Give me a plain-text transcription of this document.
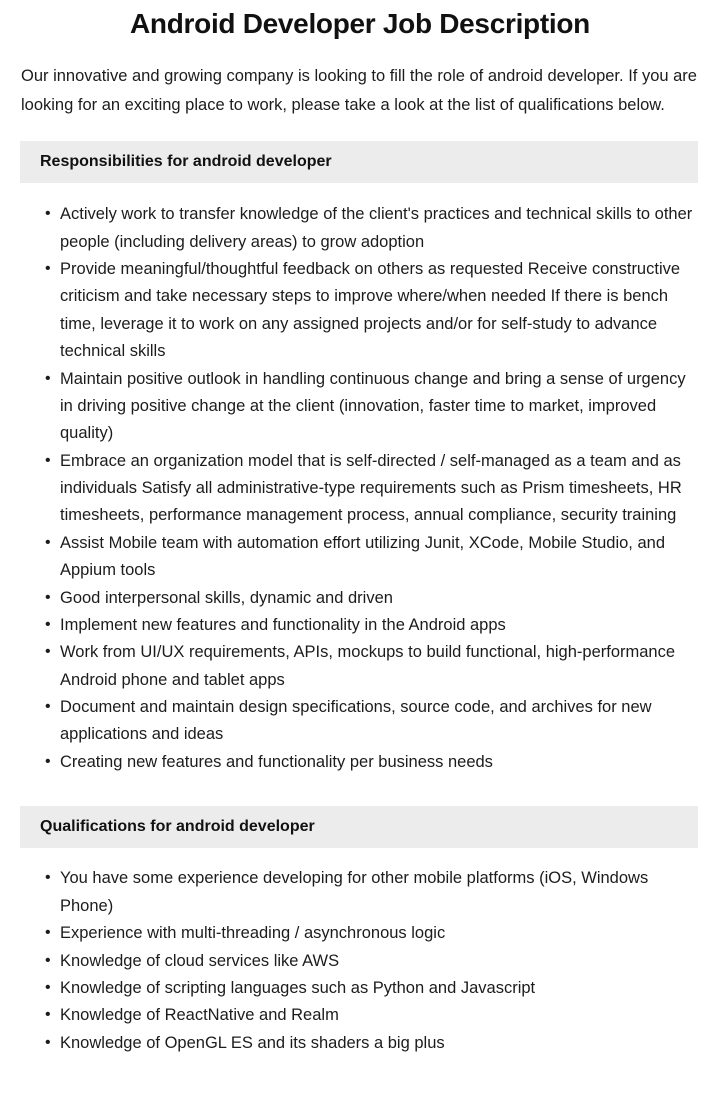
Android Developer Job Description

Our innovative and growing company is looking to fill the role of android developer. If you are looking for an exciting place to work, please take a look at the list of qualifications below.

Responsibilities for android developer
• Actively work to transfer knowledge of the client's practices and technical skills to other people (including delivery areas) to grow adoption
• Provide meaningful/thoughtful feedback on others as requested Receive constructive criticism and take necessary steps to improve where/when needed If there is bench time, leverage it to work on any assigned projects and/or for self-study to advance technical skills
• Maintain positive outlook in handling continuous change and bring a sense of urgency in driving positive change at the client (innovation, faster time to market, improved quality)
• Embrace an organization model that is self-directed / self-managed as a team and as individuals Satisfy all administrative-type requirements such as Prism timesheets, HR timesheets, performance management process, annual compliance, security training
• Assist Mobile team with automation effort utilizing Junit, XCode, Mobile Studio, and Appium tools
• Good interpersonal skills, dynamic and driven
• Implement new features and functionality in the Android apps
• Work from UI/UX requirements, APIs, mockups to build functional, high-performance Android phone and tablet apps
• Document and maintain design specifications, source code, and archives for new applications and ideas
• Creating new features and functionality per business needs
Qualifications for android developer
• You have some experience developing for other mobile platforms (iOS, Windows Phone)
• Experience with multi-threading / asynchronous logic
• Knowledge of cloud services like AWS
• Knowledge of scripting languages such as Python and Javascript
• Knowledge of ReactNative and Realm
• Knowledge of OpenGL ES and its shaders a big plus
